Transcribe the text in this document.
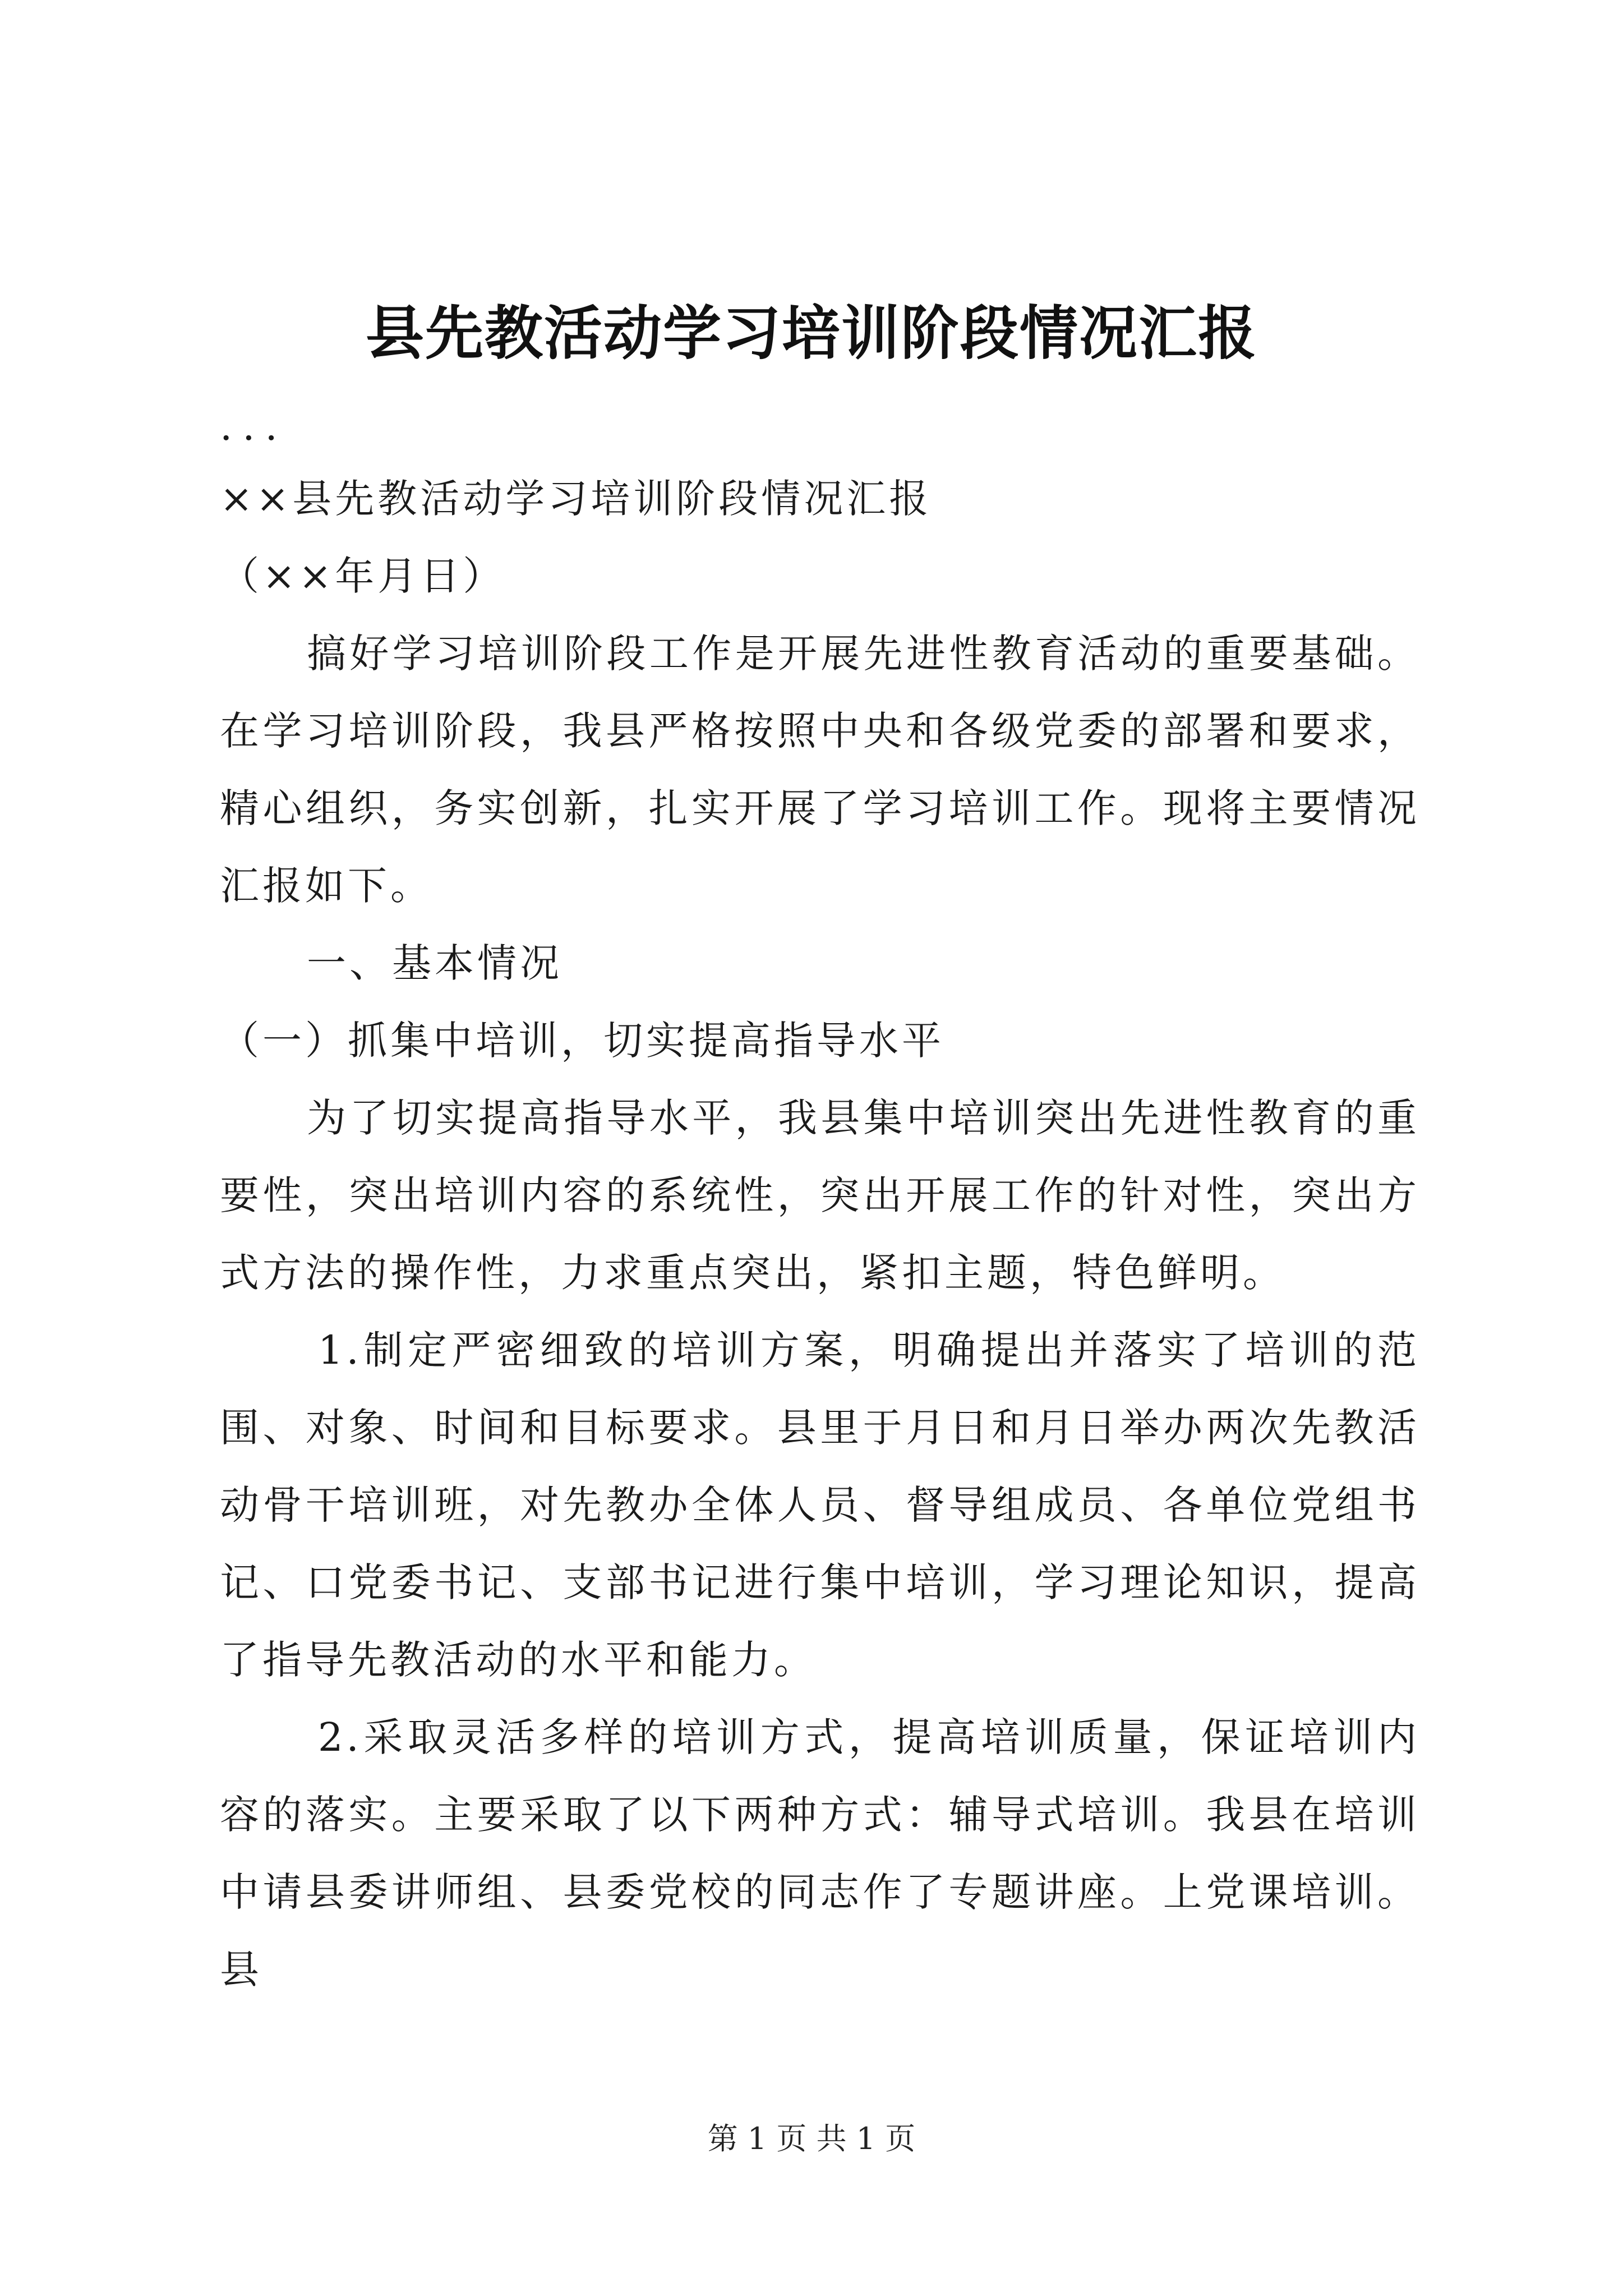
县先教活动学习培训阶段情况汇报

...

××县先教活动学习培训阶段情况汇报

（××年月日）

搞好学习培训阶段工作是开展先进性教育活动的重要基础。在学习培训阶段，我县严格按照中央和各级党委的部署和要求，精心组织，务实创新，扎实开展了学习培训工作。现将主要情况汇报如下。

一、基本情况

（一）抓集中培训，切实提高指导水平

为了切实提高指导水平，我县集中培训突出先进性教育的重要性，突出培训内容的系统性，突出开展工作的针对性，突出方式方法的操作性，力求重点突出，紧扣主题，特色鲜明。

1.制定严密细致的培训方案，明确提出并落实了培训的范围、对象、时间和目标要求。县里于月日和月日举办两次先教活动骨干培训班，对先教办全体人员、督导组成员、各单位党组书记、口党委书记、支部书记进行集中培训，学习理论知识，提高了指导先教活动的水平和能力。

2.采取灵活多样的培训方式，提高培训质量，保证培训内容的落实。主要采取了以下两种方式：辅导式培训。我县在培训中请县委讲师组、县委党校的同志作了专题讲座。上党课培训。县

第 1 页 共 1 页
